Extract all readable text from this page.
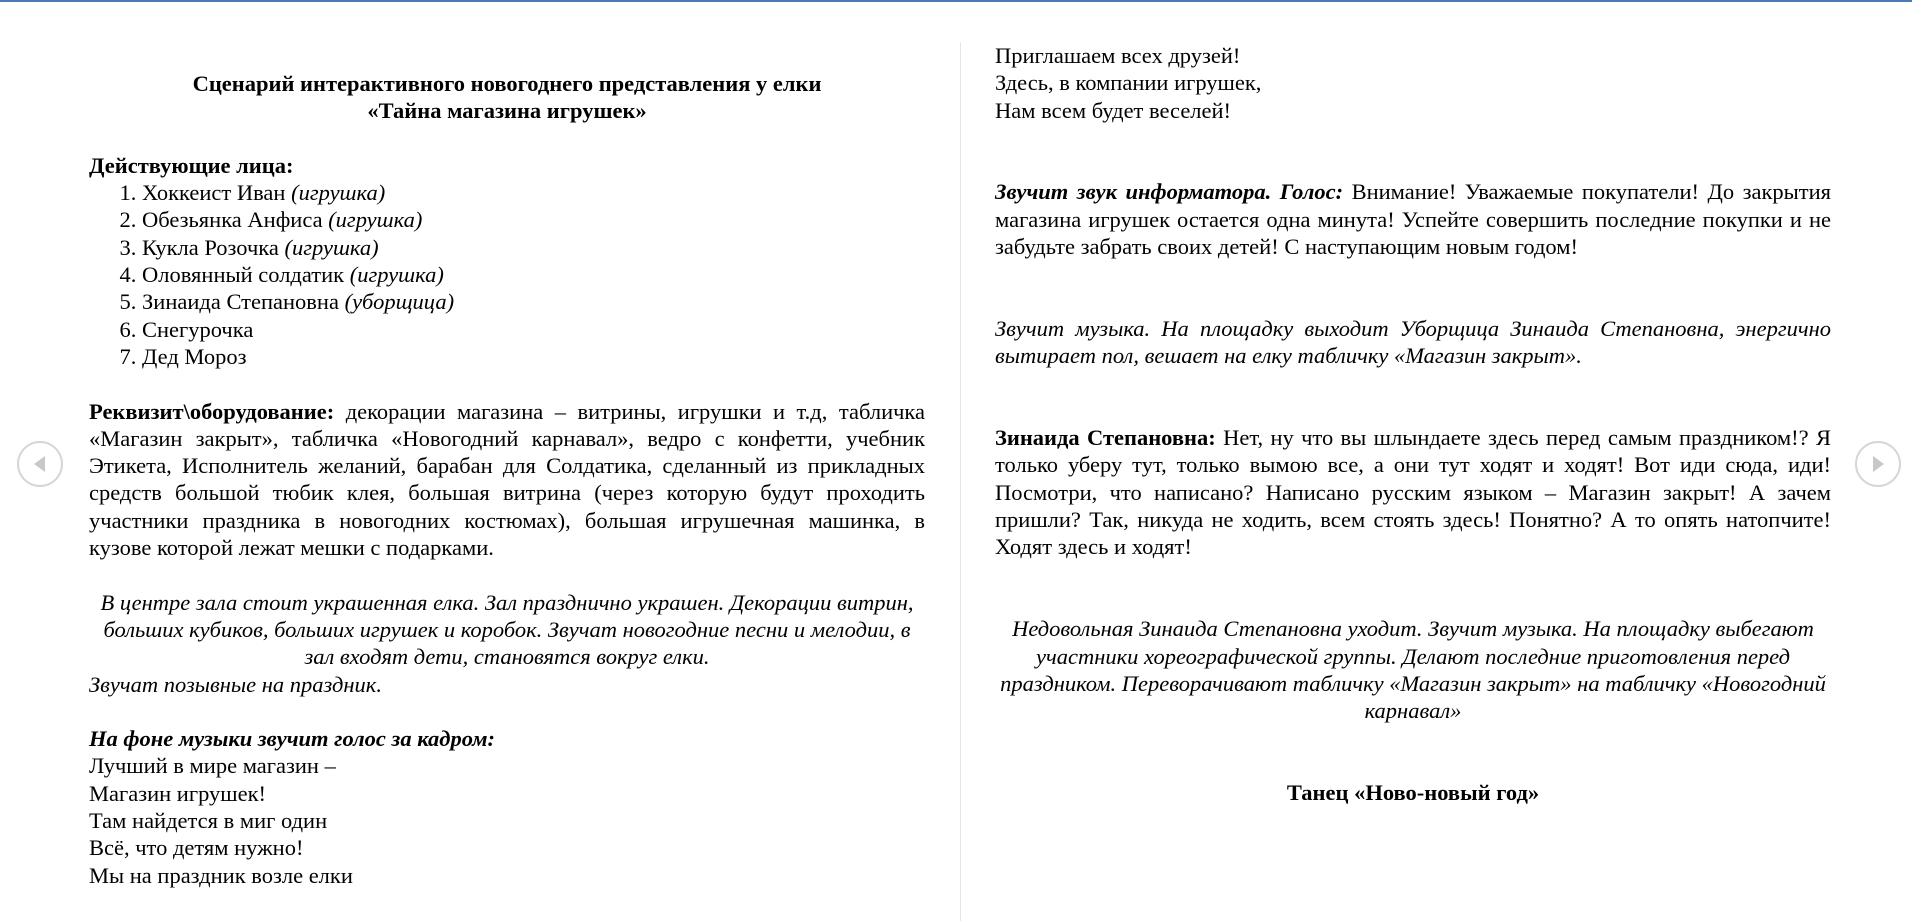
Сценарий интерактивного новогоднего представления у елки
«Тайна магазина игрушек»
Действующие лица:
1. Хоккеист Иван (игрушка)
2. Обезьянка Анфиса (игрушка)
3. Кукла Розочка (игрушка)
4. Оловянный солдатик (игрушка)
5. Зинаида Степановна (уборщица)
6. Снегурочка
7. Дед Мороз
Реквизит\оборудование: декорации магазина – витрины, игрушки и т.д, табличка «Магазин закрыт», табличка «Новогодний карнавал», ведро с конфетти, учебник Этикета, Исполнитель желаний, барабан для Солдатика, сделанный из прикладных средств большой тюбик клея, большая витрина (через которую будут проходить участники праздника в новогодних костюмах), большая игрушечная машинка, в кузове которой лежат мешки с подарками.
В центре зала стоит украшенная елка. Зал празднично украшен. Декорации витрин, больших кубиков, больших игрушек и коробок. Звучат новогодние песни и мелодии, в зал входят дети, становятся вокруг елки.
Звучат позывные на праздник.
На фоне музыки звучит голос за кадром:
Лучший в мире магазин –
Магазин игрушек!
Там найдется в миг один
Всё, что детям нужно!
Мы на праздник возле елки
Приглашаем всех друзей!
Здесь, в компании игрушек,
Нам всем будет веселей!
Звучит звук информатора. Голос: Внимание! Уважаемые покупатели! До закрытия магазина игрушек остается одна минута! Успейте совершить последние покупки и не забудьте забрать своих детей! С наступающим новым годом!
Звучит музыка. На площадку выходит Уборщица Зинаида Степановна, энергично вытирает пол, вешает на елку табличку «Магазин закрыт».
Зинаида Степановна: Нет, ну что вы шлындаете здесь перед самым праздником!? Я только уберу тут, только вымою все, а они тут ходят и ходят! Вот иди сюда, иди! Посмотри, что написано? Написано русским языком – Магазин закрыт! А зачем пришли? Так, никуда не ходить, всем стоять здесь! Понятно? А то опять натопчите! Ходят здесь и ходят!
Недовольная Зинаида Степановна уходит. Звучит музыка. На площадку выбегают участники хореографической группы. Делают последние приготовления перед праздником. Переворачивают табличку «Магазин закрыт» на табличку «Новогодний карнавал»
Танец «Ново-новый год»
